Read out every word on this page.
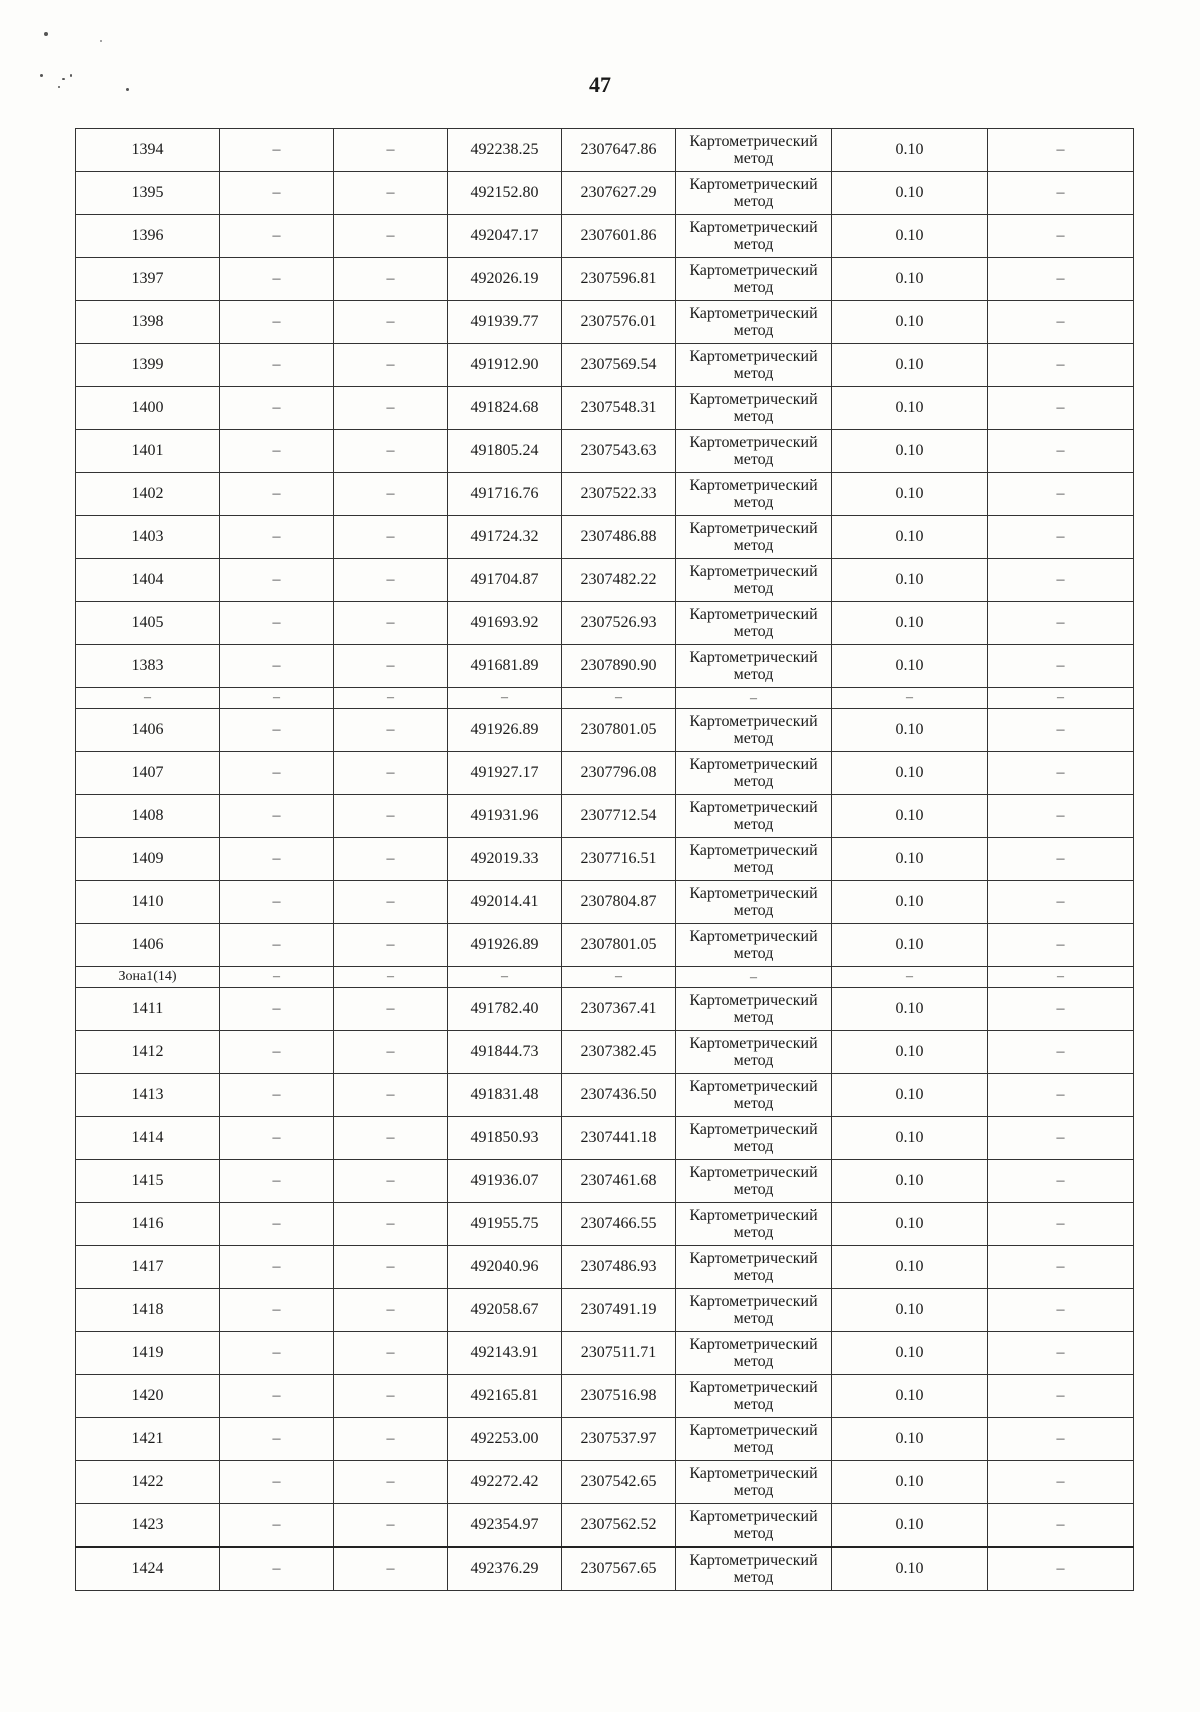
47
1394	–	–	492238.25	2307647.86	Картометрический метод	0.10	–
1395	–	–	492152.80	2307627.29	Картометрический метод	0.10	–
1396	–	–	492047.17	2307601.86	Картометрический метод	0.10	–
1397	–	–	492026.19	2307596.81	Картометрический метод	0.10	–
1398	–	–	491939.77	2307576.01	Картометрический метод	0.10	–
1399	–	–	491912.90	2307569.54	Картометрический метод	0.10	–
1400	–	–	491824.68	2307548.31	Картометрический метод	0.10	–
1401	–	–	491805.24	2307543.63	Картометрический метод	0.10	–
1402	–	–	491716.76	2307522.33	Картометрический метод	0.10	–
1403	–	–	491724.32	2307486.88	Картометрический метод	0.10	–
1404	–	–	491704.87	2307482.22	Картометрический метод	0.10	–
1405	–	–	491693.92	2307526.93	Картометрический метод	0.10	–
1383	–	–	491681.89	2307890.90	Картометрический метод	0.10	–
–	–	–	–	–	–	–	–
1406	–	–	491926.89	2307801.05	Картометрический метод	0.10	–
1407	–	–	491927.17	2307796.08	Картометрический метод	0.10	–
1408	–	–	491931.96	2307712.54	Картометрический метод	0.10	–
1409	–	–	492019.33	2307716.51	Картометрический метод	0.10	–
1410	–	–	492014.41	2307804.87	Картометрический метод	0.10	–
1406	–	–	491926.89	2307801.05	Картометрический метод	0.10	–
Зона1(14)	–	–	–	–	–	–	–
1411	–	–	491782.40	2307367.41	Картометрический метод	0.10	–
1412	–	–	491844.73	2307382.45	Картометрический метод	0.10	–
1413	–	–	491831.48	2307436.50	Картометрический метод	0.10	–
1414	–	–	491850.93	2307441.18	Картометрический метод	0.10	–
1415	–	–	491936.07	2307461.68	Картометрический метод	0.10	–
1416	–	–	491955.75	2307466.55	Картометрический метод	0.10	–
1417	–	–	492040.96	2307486.93	Картометрический метод	0.10	–
1418	–	–	492058.67	2307491.19	Картометрический метод	0.10	–
1419	–	–	492143.91	2307511.71	Картометрический метод	0.10	–
1420	–	–	492165.81	2307516.98	Картометрический метод	0.10	–
1421	–	–	492253.00	2307537.97	Картометрический метод	0.10	–
1422	–	–	492272.42	2307542.65	Картометрический метод	0.10	–
1423	–	–	492354.97	2307562.52	Картометрический метод	0.10	–
1424	–	–	492376.29	2307567.65	Картометрический метод	0.10	–
